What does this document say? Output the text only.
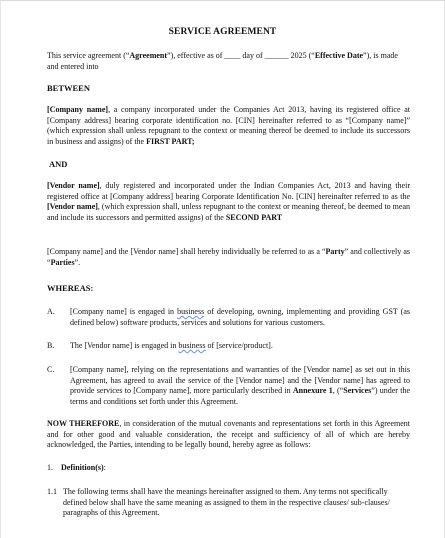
SERVICE AGREEMENT

This service agreement (“Agreement”), effective as of ____ day of ______ 2025 (“Effective Date”), is made and entered into

BETWEEN

[Company name], a company incorporated under the Companies Act 2013, having its registered office at [Company address] bearing corporate identification no. [CIN] hereinafter referred to as “[Company name]” (which expression shall unless repugnant to the context or meaning thereof be deemed to include its successors in business and assigns) of the FIRST PART;

AND

[Vendor name], duly registered and incorporated under the Indian Companies Act, 2013 and having their registered office at [Company address] bearing Corporate Identification No. [CIN] hereinafter referred to as the [Vendor name], (which expression shall, unless repugnant to the context or meaning thereof, be deemed to mean and include its successors and permitted assigns) of the SECOND PART

[Company name] and the [Vendor name] shall hereby individually be referred to as a “Party” and collectively as “Parties”.

WHEREAS:
A. [Company name] is engaged in business of developing, owning, implementing and providing GST (as defined below) software products, services and solutions for various customers.

B. The [Vendor name] is engaged in business of [service/product].

C. [Company name], relying on the representations and warranties of the [Vendor name] as set out in this Agreement, has agreed to avail the service of the [Vendor name] and the [Vendor name] has agreed to provide services to [Company name], more particularly described in Annexure 1, (“Services”) under the terms and conditions set forth under this Agreement.

NOW THEREFORE, in consideration of the mutual covenants and representations set forth in this Agreement and for other good and valuable consideration, the receipt and sufficiency of all of which are hereby acknowledged, the Parties, intending to be legally bound, hereby agree as follows:

1. Definition(s):
1.1 The following terms shall have the meanings hereinafter assigned to them. Any terms not specifically defined below shall have the same meaning as assigned to them in the respective clauses/ sub-clauses/ paragraphs of this Agreement.
